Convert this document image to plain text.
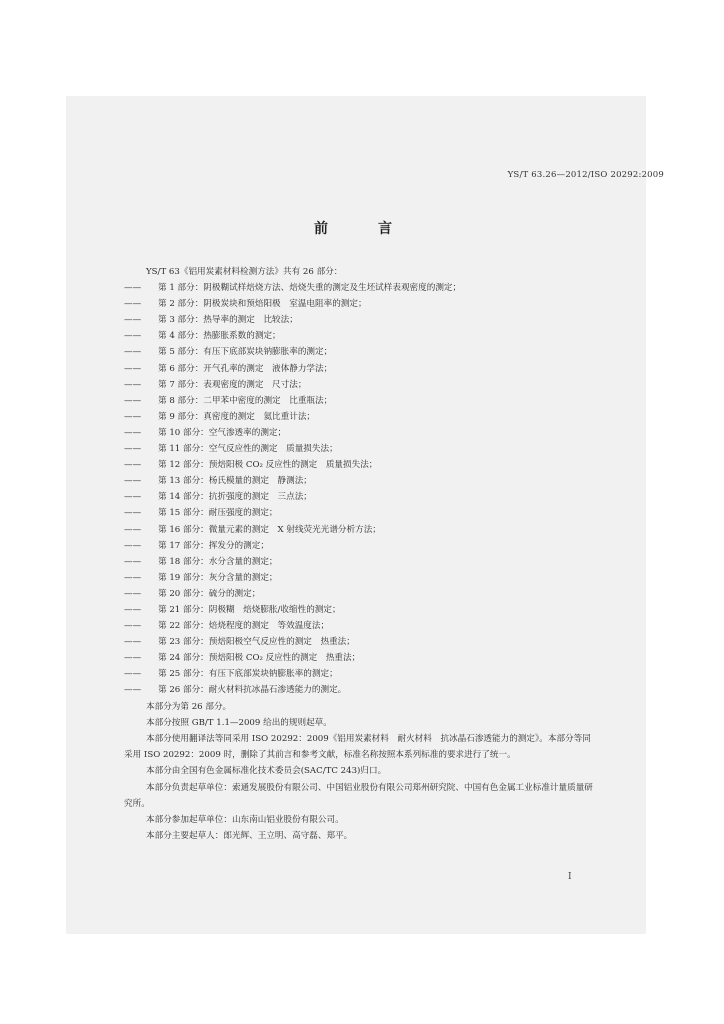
YS/T 63.26—2012/ISO 20292:2009
前　言
YS/T 63《铝用炭素材料检测方法》共有 26 部分：
—— 第 1 部分：阴极糊试样焙烧方法、焙烧失重的测定及生坯试样表观密度的测定；
—— 第 2 部分：阴极炭块和预焙阳极　室温电阻率的测定；
—— 第 3 部分：热导率的测定　比较法；
—— 第 4 部分：热膨胀系数的测定；
—— 第 5 部分：有压下底部炭块钠膨胀率的测定；
—— 第 6 部分：开气孔率的测定　液体静力学法；
—— 第 7 部分：表观密度的测定　尺寸法；
—— 第 8 部分：二甲苯中密度的测定　比重瓶法；
—— 第 9 部分：真密度的测定　氦比重计法；
—— 第 10 部分：空气渗透率的测定；
—— 第 11 部分：空气反应性的测定　质量损失法；
—— 第 12 部分：预焙阳极 CO₂ 反应性的测定　质量损失法；
—— 第 13 部分：杨氏模量的测定　静测法；
—— 第 14 部分：抗折强度的测定　三点法；
—— 第 15 部分：耐压强度的测定；
—— 第 16 部分：微量元素的测定　X 射线荧光光谱分析方法；
—— 第 17 部分：挥发分的测定；
—— 第 18 部分：水分含量的测定；
—— 第 19 部分：灰分含量的测定；
—— 第 20 部分：硫分的测定；
—— 第 21 部分：阴极糊　焙烧膨胀/收缩性的测定；
—— 第 22 部分：焙烧程度的测定　等效温度法；
—— 第 23 部分：预焙阳极空气反应性的测定　热重法；
—— 第 24 部分：预焙阳极 CO₂ 反应性的测定　热重法；
—— 第 25 部分：有压下底部炭块钠膨胀率的测定；
—— 第 26 部分：耐火材料抗冰晶石渗透能力的测定。
本部分为第 26 部分。
本部分按照 GB/T 1.1—2009 给出的规则起草。
本部分使用翻译法等同采用 ISO 20292：2009《铝用炭素材料　耐火材料　抗冰晶石渗透能力的测定》。本部分等同采用 ISO 20292：2009 时，删除了其前言和参考文献，标准名称按照本系列标准的要求进行了统一。
本部分由全国有色金属标准化技术委员会(SAC/TC 243)归口。
本部分负责起草单位：索通发展股份有限公司、中国铝业股份有限公司郑州研究院、中国有色金属工业标准计量质量研究所。
本部分参加起草单位：山东南山铝业股份有限公司。
本部分主要起草人：郎光辉、王立明、高守磊、郑平。
I
